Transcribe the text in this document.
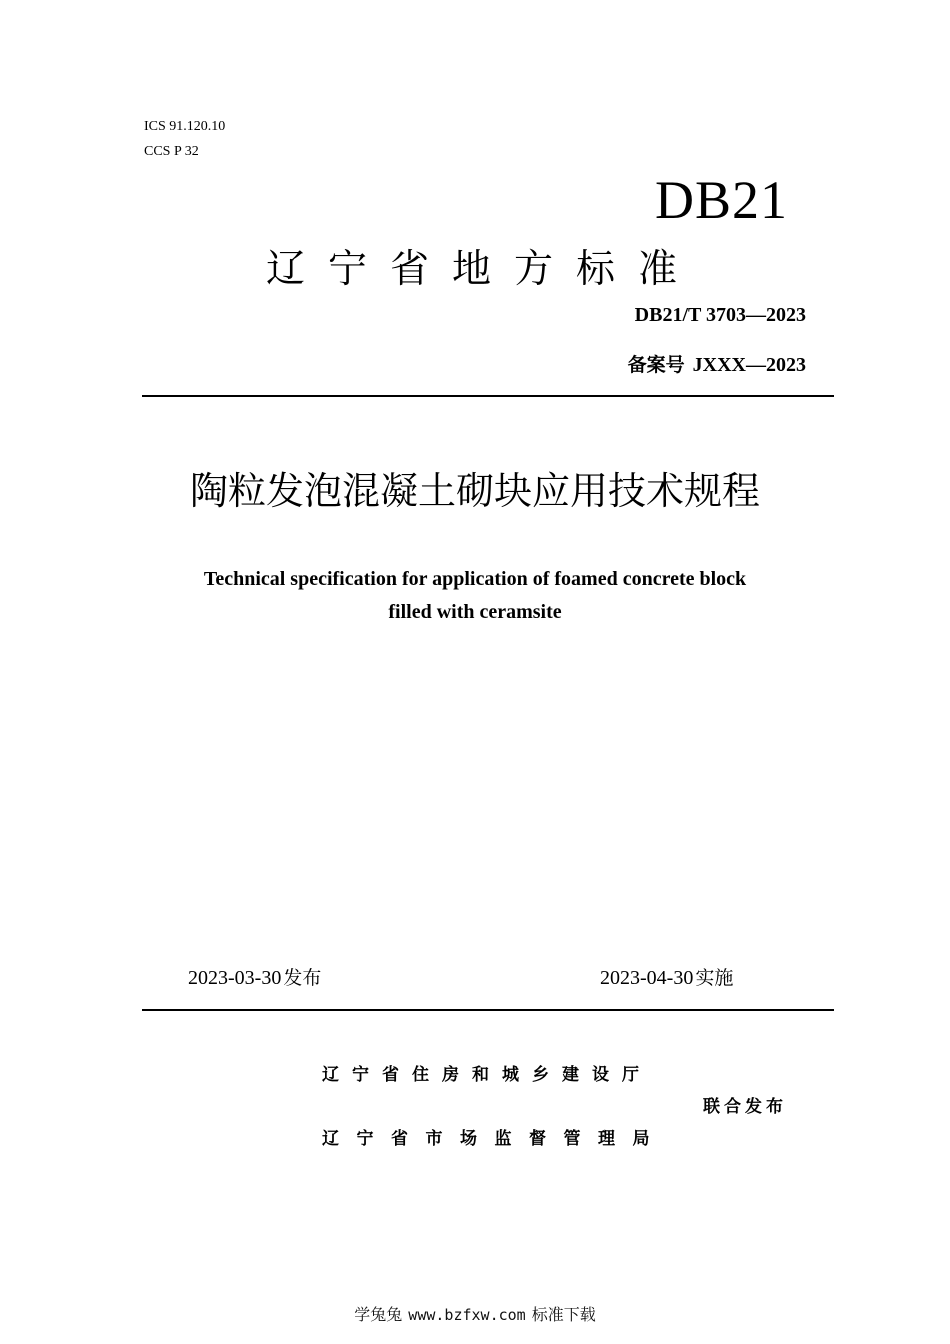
ICS 91.120.10
CCS P 32
DB21
辽宁省地方标准
DB21/T 3703—2023
备案号 JXXX—2023
陶粒发泡混凝土砌块应用技术规程
Technical specification for application of foamed concrete block
filled with ceramsite
2023-03-30 发布	2023-04-30 实施
辽宁省住房和城乡建设厅
联合发布
辽宁省市场监督管理局
学兔兔 www.bzfxw.com 标准下载
